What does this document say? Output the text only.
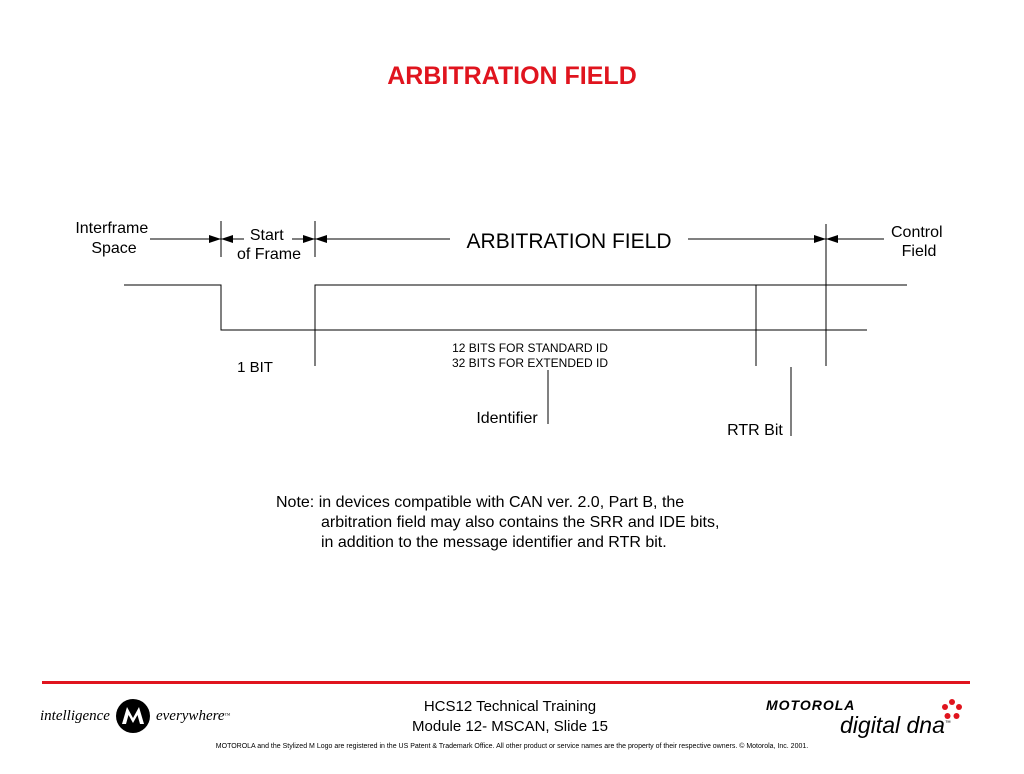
ARBITRATION FIELD
Interframe Space
Start of Frame
ARBITRATION FIELD	Control Field
1 BIT
12 BITS FOR STANDARD ID
32 BITS FOR EXTENDED ID
Identifier
RTR Bit
Note: in devices compatible with CAN ver. 2.0, Part B, the
arbitration field may also contains the SRR and IDE bits,
in addition to the message identifier and RTR bit.
intelligence	everywhere ™
HCS12 Technical Training
Module 12- MSCAN, Slide 15
MOTOROLA
digital dna™
MOTOROLA and the Stylized M Logo are registered in the US Patent & Trademark Office. All other product or service names are the property of their respective owners. © Motorola, Inc. 2001.
